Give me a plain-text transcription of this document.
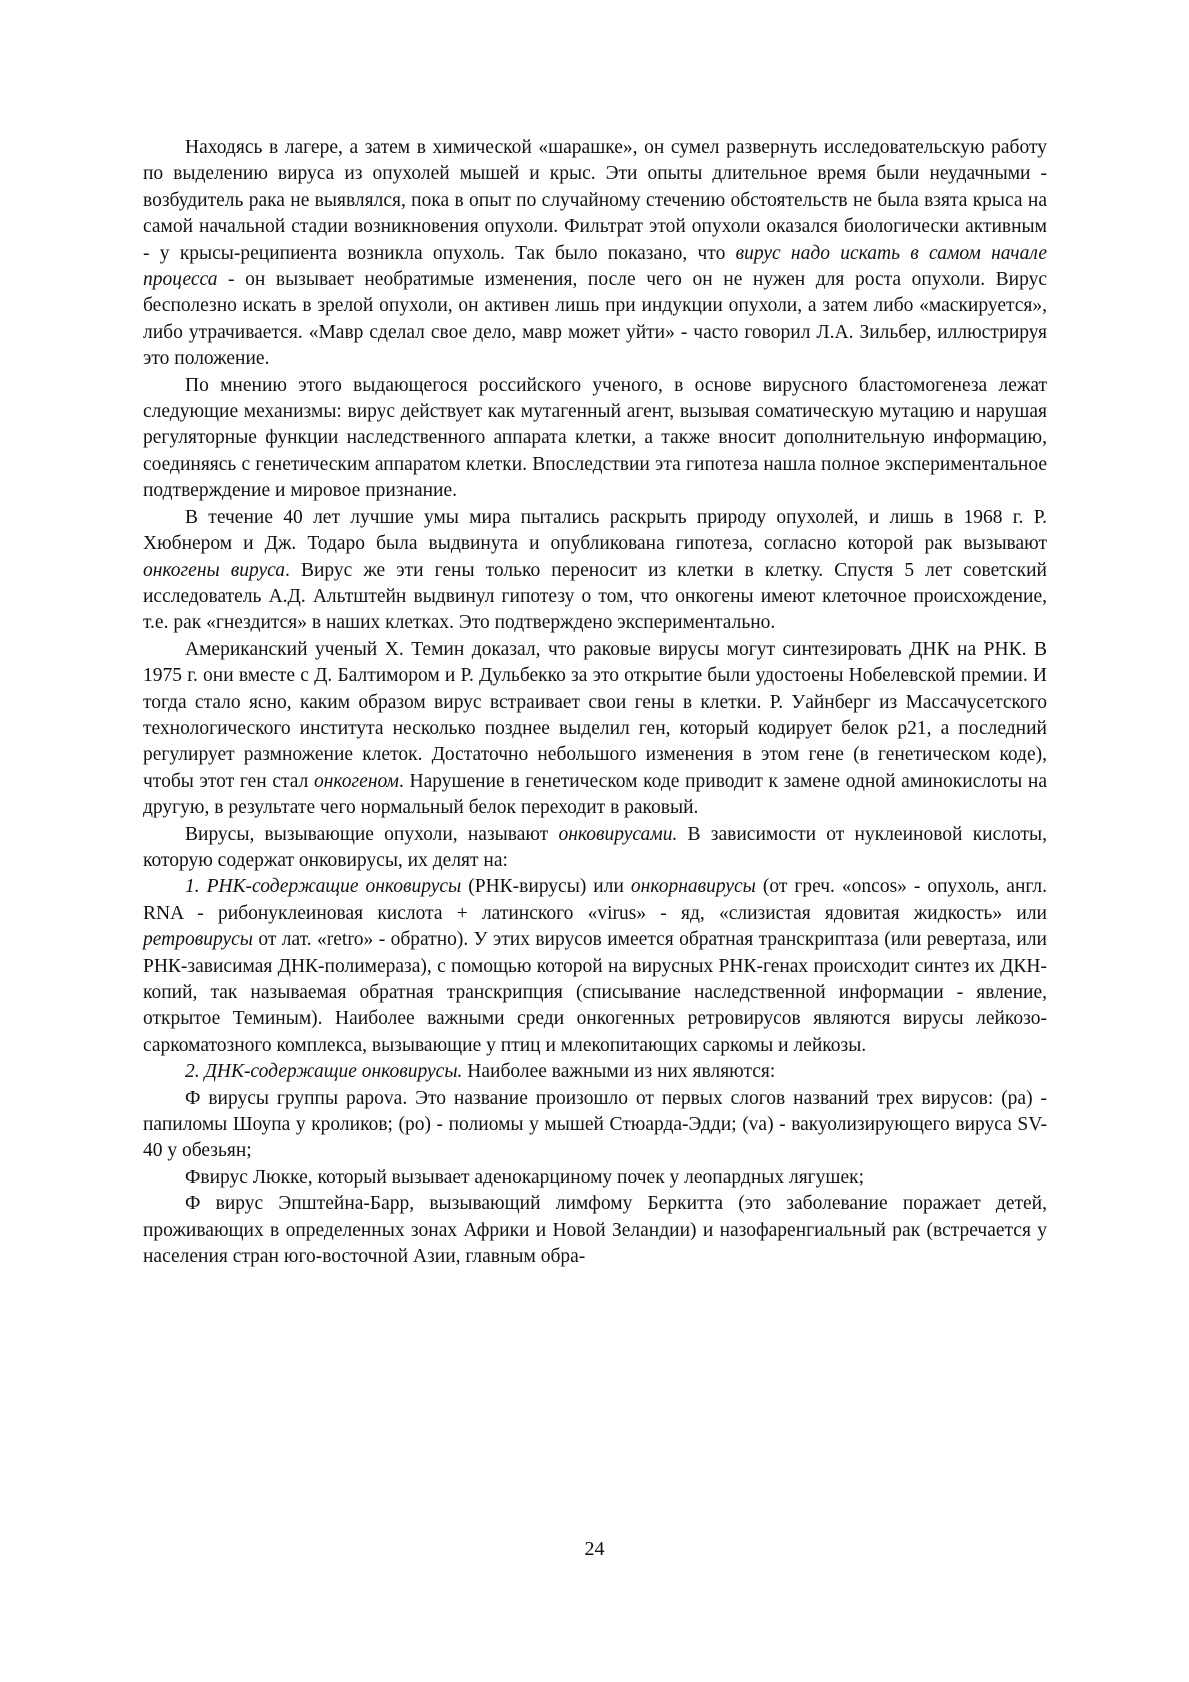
Находясь в лагере, а затем в химической «шарашке», он сумел развернуть исследовательскую работу по выделению вируса из опухолей мышей и крыс. Эти опыты длительное время были неудачными - возбудитель рака не выявлялся, пока в опыт по случайному стечению обстоятельств не была взята крыса на самой начальной стадии возникновения опухоли. Фильтрат этой опухоли оказался биологически активным - у крысы-реципиента возникла опухоль. Так было показано, что вирус надо искать в самом начале процесса - он вызывает необратимые изменения, после чего он не нужен для роста опухоли. Вирус бесполезно искать в зрелой опухоли, он активен лишь при индукции опухоли, а затем либо «маскируется», либо утрачивается. «Мавр сделал свое дело, мавр может уйти» - часто говорил Л.А. Зильбер, иллюстрируя это положение.

По мнению этого выдающегося российского ученого, в основе вирусного бластомогенеза лежат следующие механизмы: вирус действует как мутагенный агент, вызывая соматическую мутацию и нарушая регуляторные функции наследственного аппарата клетки, а также вносит дополнительную информацию, соединяясь с генетическим аппаратом клетки. Впоследствии эта гипотеза нашла полное экспериментальное подтверждение и мировое признание.

В течение 40 лет лучшие умы мира пытались раскрыть природу опухолей, и лишь в 1968 г. Р. Хюбнером и Дж. Тодаро была выдвинута и опубликована гипотеза, согласно которой рак вызывают онкогены вируса. Вирус же эти гены только переносит из клетки в клетку. Спустя 5 лет советский исследователь А.Д. Альтштейн выдвинул гипотезу о том, что онкогены имеют клеточное происхождение, т.е. рак «гнездится» в наших клетках. Это подтверждено экспериментально.

Американский ученый X. Темин доказал, что раковые вирусы могут синтезировать ДНК на РНК. В 1975 г. они вместе с Д. Балтимором и Р. Дульбекко за это открытие были удостоены Нобелевской премии. И тогда стало ясно, каким образом вирус встраивает свои гены в клетки. Р. Уайнберг из Массачусетского технологического института несколько позднее выделил ген, который кодирует белок р21, а последний регулирует размножение клеток. Достаточно небольшого изменения в этом гене (в генетическом коде), чтобы этот ген стал онкогеном. Нарушение в генетическом коде приводит к замене одной аминокислоты на другую, в результате чего нормальный белок переходит в раковый.

Вирусы, вызывающие опухоли, называют онковирусами. В зависимости от нуклеиновой кислоты, которую содержат онковирусы, их делят на:

1. РНК-содержащие онковирусы (РНК-вирусы) или онкорнавирусы (от греч. «oncos» - опухоль, англ. RNA - рибонуклеиновая кислота + латинского «virus» - яд, «слизистая ядовитая жидкость» или ретровирусы от лат. «retro» - обратно). У этих вирусов имеется обратная транскриптаза (или ревертаза, или РНК-зависимая ДНК-полимераза), с помощью которой на вирусных РНК-генах происходит синтез их ДКН-копий, так называемая обратная транскрипция (списывание наследственной информации - явление, открытое Теминым). Наиболее важными среди онкогенных ретровирусов являются вирусы лейкозо-саркоматозного комплекса, вызывающие у птиц и млекопитающих саркомы и лейкозы.

2. ДНК-содержащие онковирусы. Наиболее важными из них являются:

Ф вирусы группы papova. Это название произошло от первых слогов названий трех вирусов: (pa) - папиломы Шоупа у кроликов; (po) - полиомы у мышей Стюарда-Эдди; (va) - вакуолизирующего вируса SV-40 у обезьян;

Фвирус Люкке, который вызывает аденокарциному почек у леопардных лягушек;

Ф вирус Эпштейна-Барр, вызывающий лимфому Беркитта (это заболевание поражает детей, проживающих в определенных зонах Африки и Новой Зеландии) и назофаренгиальный рак (встречается у населения стран юго-восточной Азии, главным обра-

24
